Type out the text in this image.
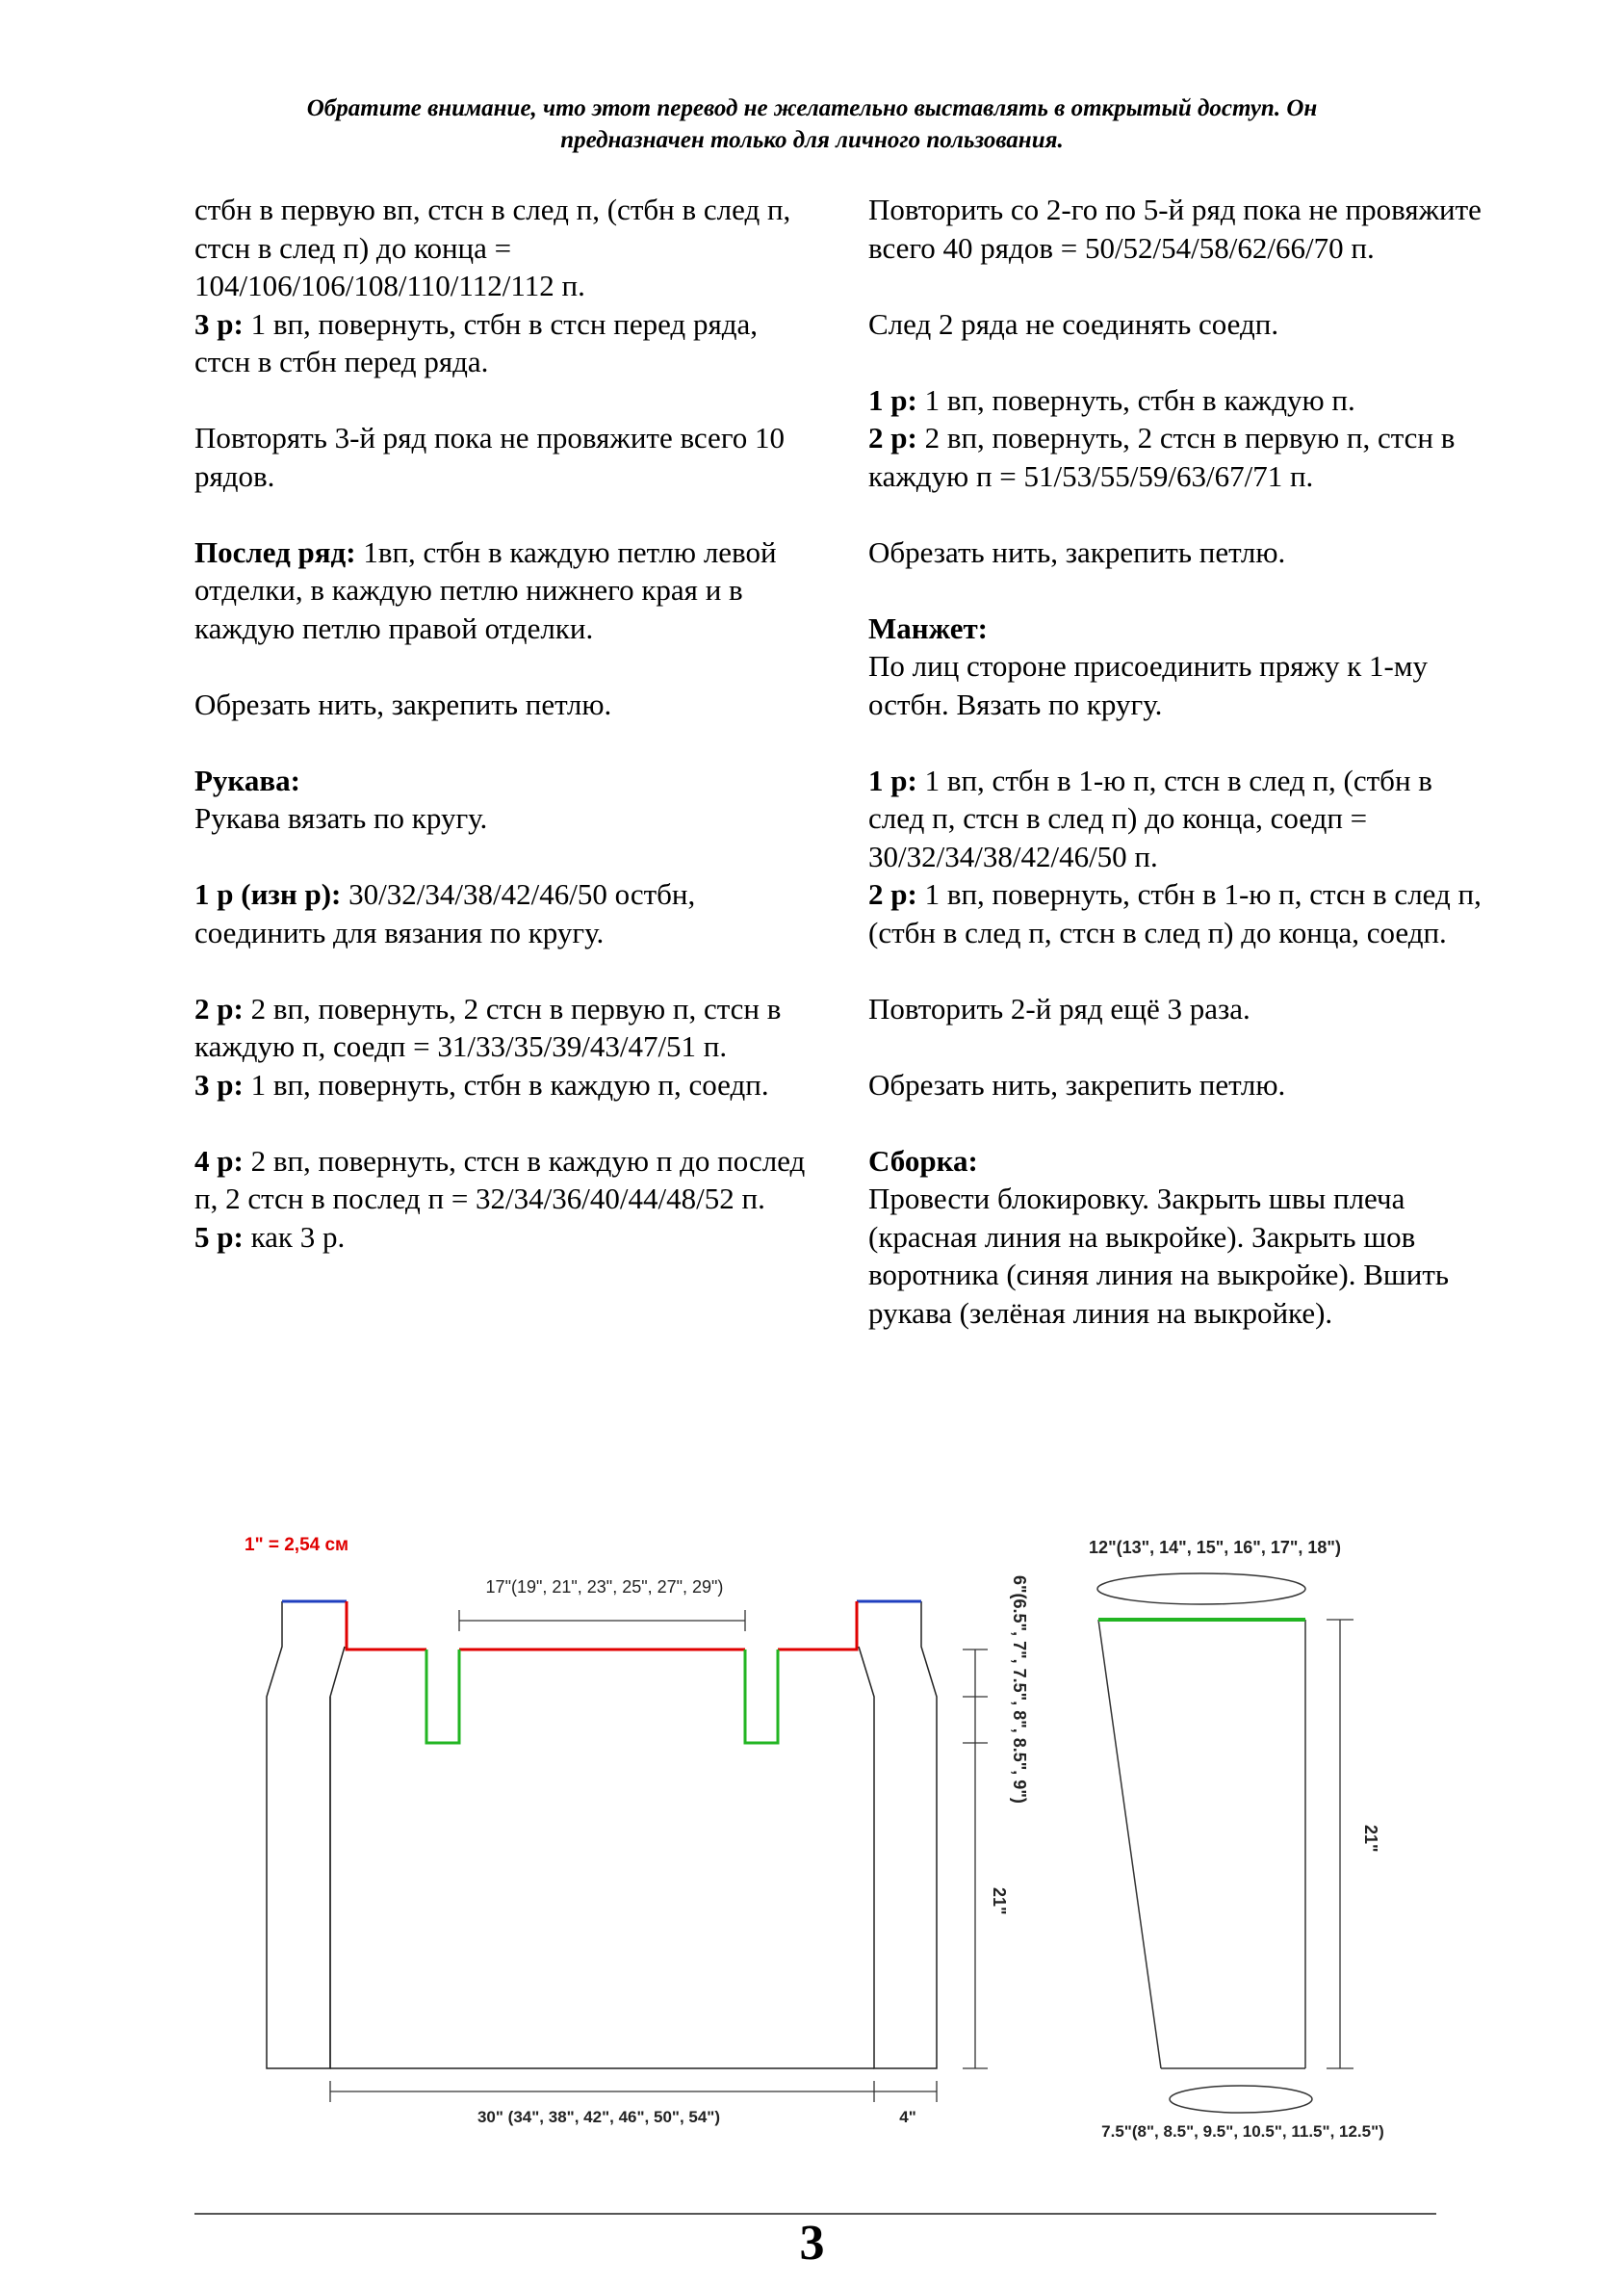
Обратите внимание, что этот перевод не желательно выставлять в открытый доступ. Он
предназначен только для личного пользования.

стбн в первую вп, стсн в след п, (стбн в след п, стсн в след п) до конца = 104/106/106/108/110/112/112 п.

3 р: 1 вп, повернуть, стбн в стсн перед ряда, стсн в стбн перед ряда.

Повторять 3-й ряд пока не провяжите всего 10 рядов.

Послед ряд: 1вп, стбн в каждую петлю левой отделки, в каждую петлю нижнего края и в каждую петлю правой отделки.

Обрезать нить, закрепить петлю.

Рукава:
Рукава вязать по кругу.

1 р (изн р): 30/32/34/38/42/46/50 остбн, соединить для вязания по кругу.

2 р: 2 вп, повернуть, 2 стсн в первую п, стсн в каждую п, соедп = 31/33/35/39/43/47/51 п.

3 р: 1 вп, повернуть, стбн в каждую п, соедп.

4 р: 2 вп, повернуть, стсн в каждую п до послед п, 2 стсн в послед п = 32/34/36/40/44/48/52 п.

5 р: как 3 р.

Повторить со 2-го по 5-й ряд пока не провяжите всего 40 рядов = 50/52/54/58/62/66/70 п.

След 2 ряда не соединять соедп.

1 р: 1 вп, повернуть, стбн в каждую п.

2 р: 2 вп, повернуть, 2 стсн в первую п, стсн в каждую п = 51/53/55/59/63/67/71 п.

Обрезать нить, закрепить петлю.

Манжет:
По лиц стороне присоединить пряжу к 1-му остбн. Вязать по кругу.

1 р: 1 вп, стбн в 1-ю п, стсн в след п, (стбн в след п, стсн в след п) до конца, соедп = 30/32/34/38/42/46/50 п.

2 р: 1 вп, повернуть, стбн в 1-ю п, стсн в след п, (стбн в след п, стсн в след п) до конца, соедп.

Повторить 2-й ряд ещё 3 раза.

Обрезать нить, закрепить петлю.

Сборка:
Провести блокировку. Закрыть швы плеча (красная линия на выкройке). Закрыть шов воротника (синяя линия на выкройке). Вшить рукава (зелёная линия на выкройке).

1" = 2,54 см
17"(19", 21", 23", 25", 27", 29")	6"(6.5", 7", 7.5", 8", 8.5", 9")
21"
30" (34", 38", 42", 46", 50", 54")	4"
12"(13", 14", 15", 16", 17", 18")
21"
7.5"(8", 8.5", 9.5", 10.5", 11.5", 12.5")
3
